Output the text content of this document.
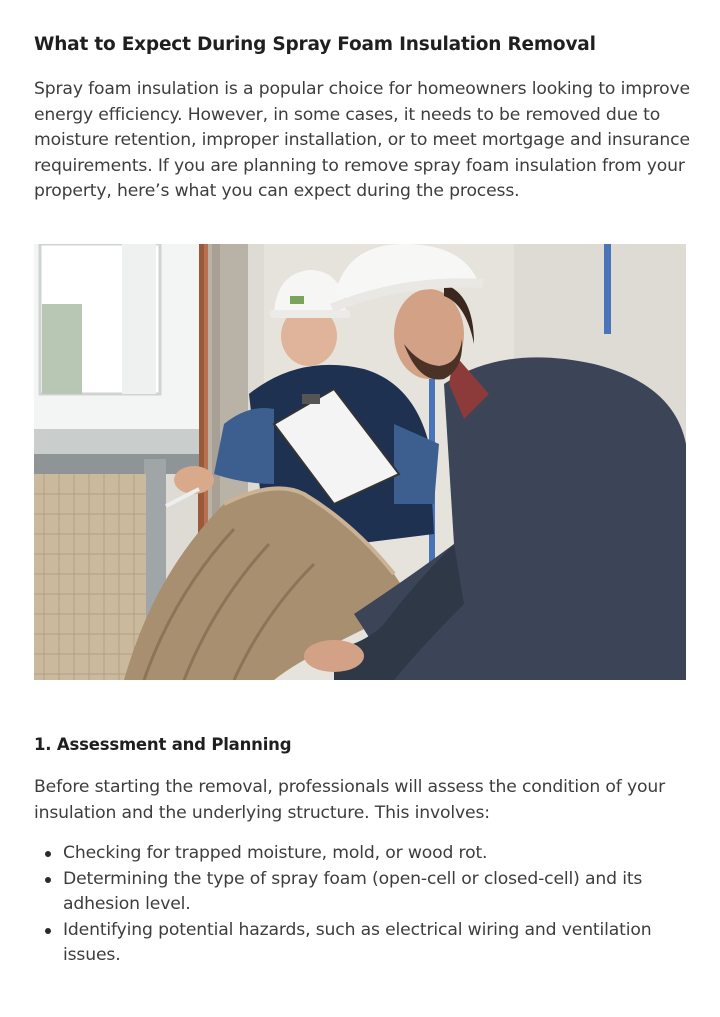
What to Expect During Spray Foam Insulation Removal

Spray foam insulation is a popular choice for homeowners looking to improve energy efficiency. However, in some cases, it needs to be removed due to moisture retention, improper installation, or to meet mortgage and insurance requirements. If you are planning to remove spray foam insulation from your property, here’s what you can expect during the process.

1. Assessment and Planning

Before starting the removal, professionals will assess the condition of your insulation and the underlying structure. This involves:

Checking for trapped moisture, mold, or wood rot.
Determining the type of spray foam (open-cell or closed-cell) and its adhesion level.
Identifying potential hazards, such as electrical wiring and ventilation issues.
